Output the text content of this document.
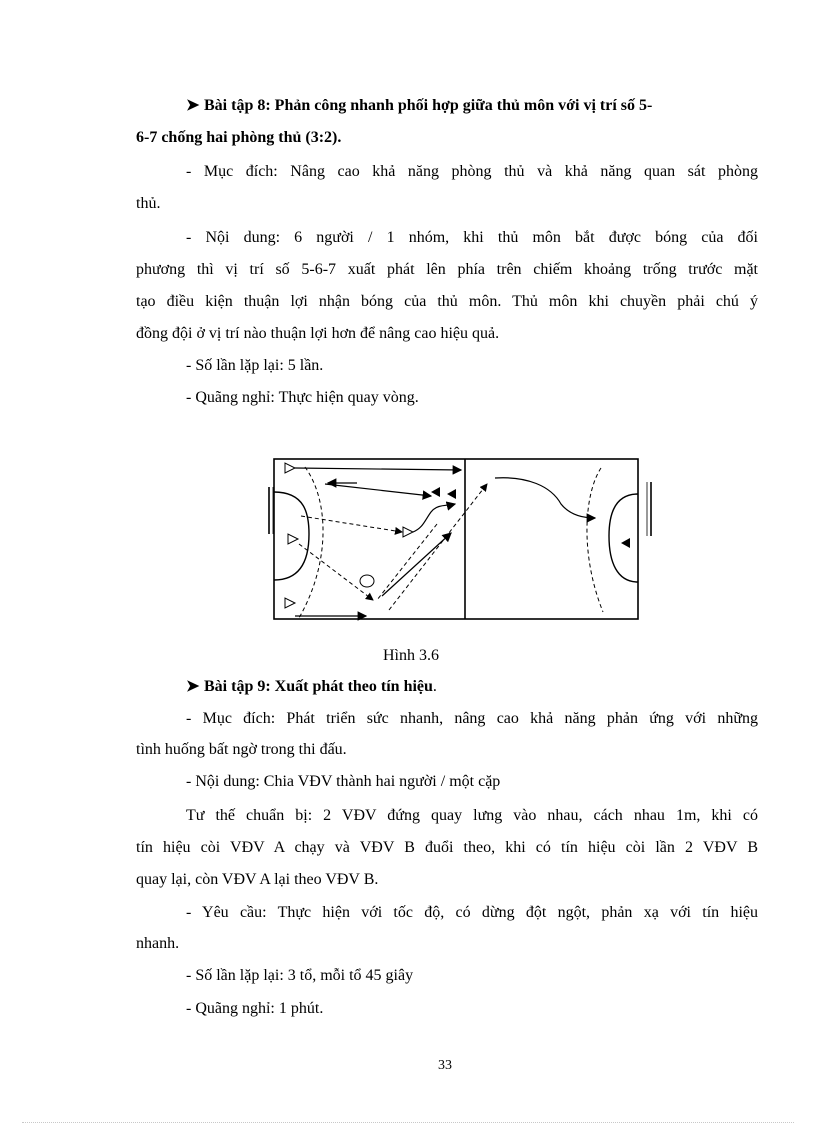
➤ Bài tập 8: Phản công nhanh phối hợp giữa thủ môn với vị trí số 5-
6-7 chống hai phòng thủ (3:2).
- Mục đích: Nâng cao khả năng phòng thủ và khả năng quan sát phòng
thủ.
- Nội dung: 6 người / 1 nhóm, khi thủ môn bắt được bóng của đối
phương thì vị trí số 5-6-7 xuất phát lên phía trên chiếm khoảng trống trước mặt
tạo điều kiện thuận lợi nhận bóng của thủ môn. Thủ môn khi chuyền phải chú ý
đồng đội ở vị trí nào thuận lợi hơn để nâng cao hiệu quả.
- Số lần lặp lại: 5 lần.
- Quãng nghỉ: Thực hiện quay vòng.
Hình 3.6
➤ Bài tập 9: Xuất phát theo tín hiệu.
- Mục đích: Phát triển sức nhanh, nâng cao khả năng phản ứng với những
tình huống bất ngờ trong thi đấu.
- Nội dung: Chia VĐV thành hai người / một cặp
Tư thế chuẩn bị: 2 VĐV đứng quay lưng vào nhau, cách nhau 1m, khi có
tín hiệu còi VĐV A chạy và VĐV B đuổi theo, khi có tín hiệu còi lần 2 VĐV B
quay lại, còn VĐV A lại theo VĐV B.
- Yêu cầu: Thực hiện với tốc độ, có dừng đột ngột, phản xạ với tín hiệu
nhanh.
- Số lần lặp lại: 3 tổ, mỗi tổ 45 giây
- Quãng nghỉ: 1 phút.
33
